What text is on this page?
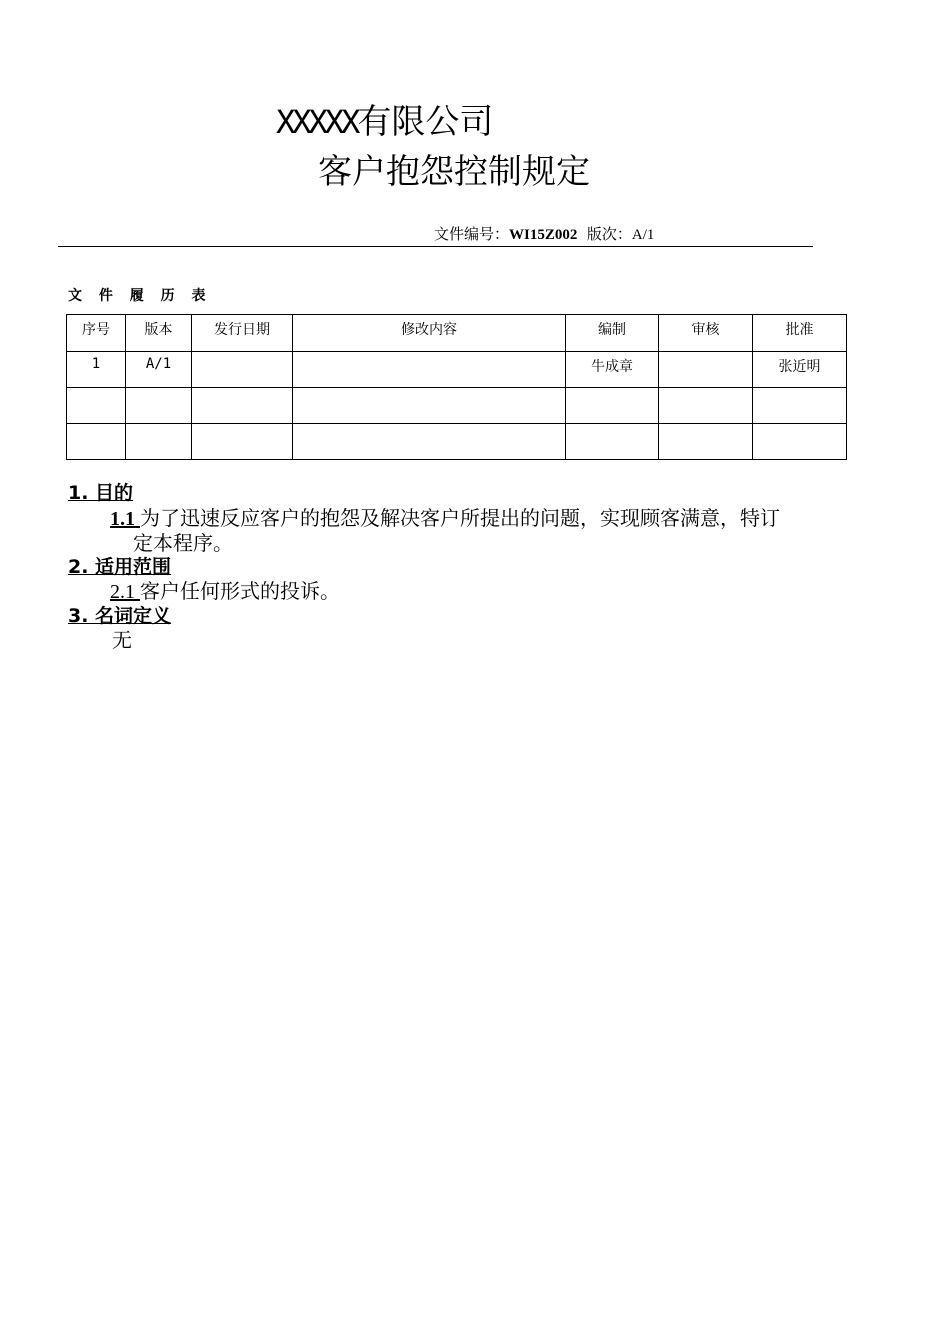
XXXXX有限公司
客户抱怨控制规定
文件编号：WI15Z002 版次：A/1
文 件 履 历 表
序号	版本	发行日期	修改内容	编制	审核	批准
1	A/1			牛成章		张近明

1. 目的
1.1 为了迅速反应客户的抱怨及解决客户所提出的问题，实现顾客满意，特订
定本程序。
2. 适用范围
2.1 客户任何形式的投诉。
3. 名词定义
无
